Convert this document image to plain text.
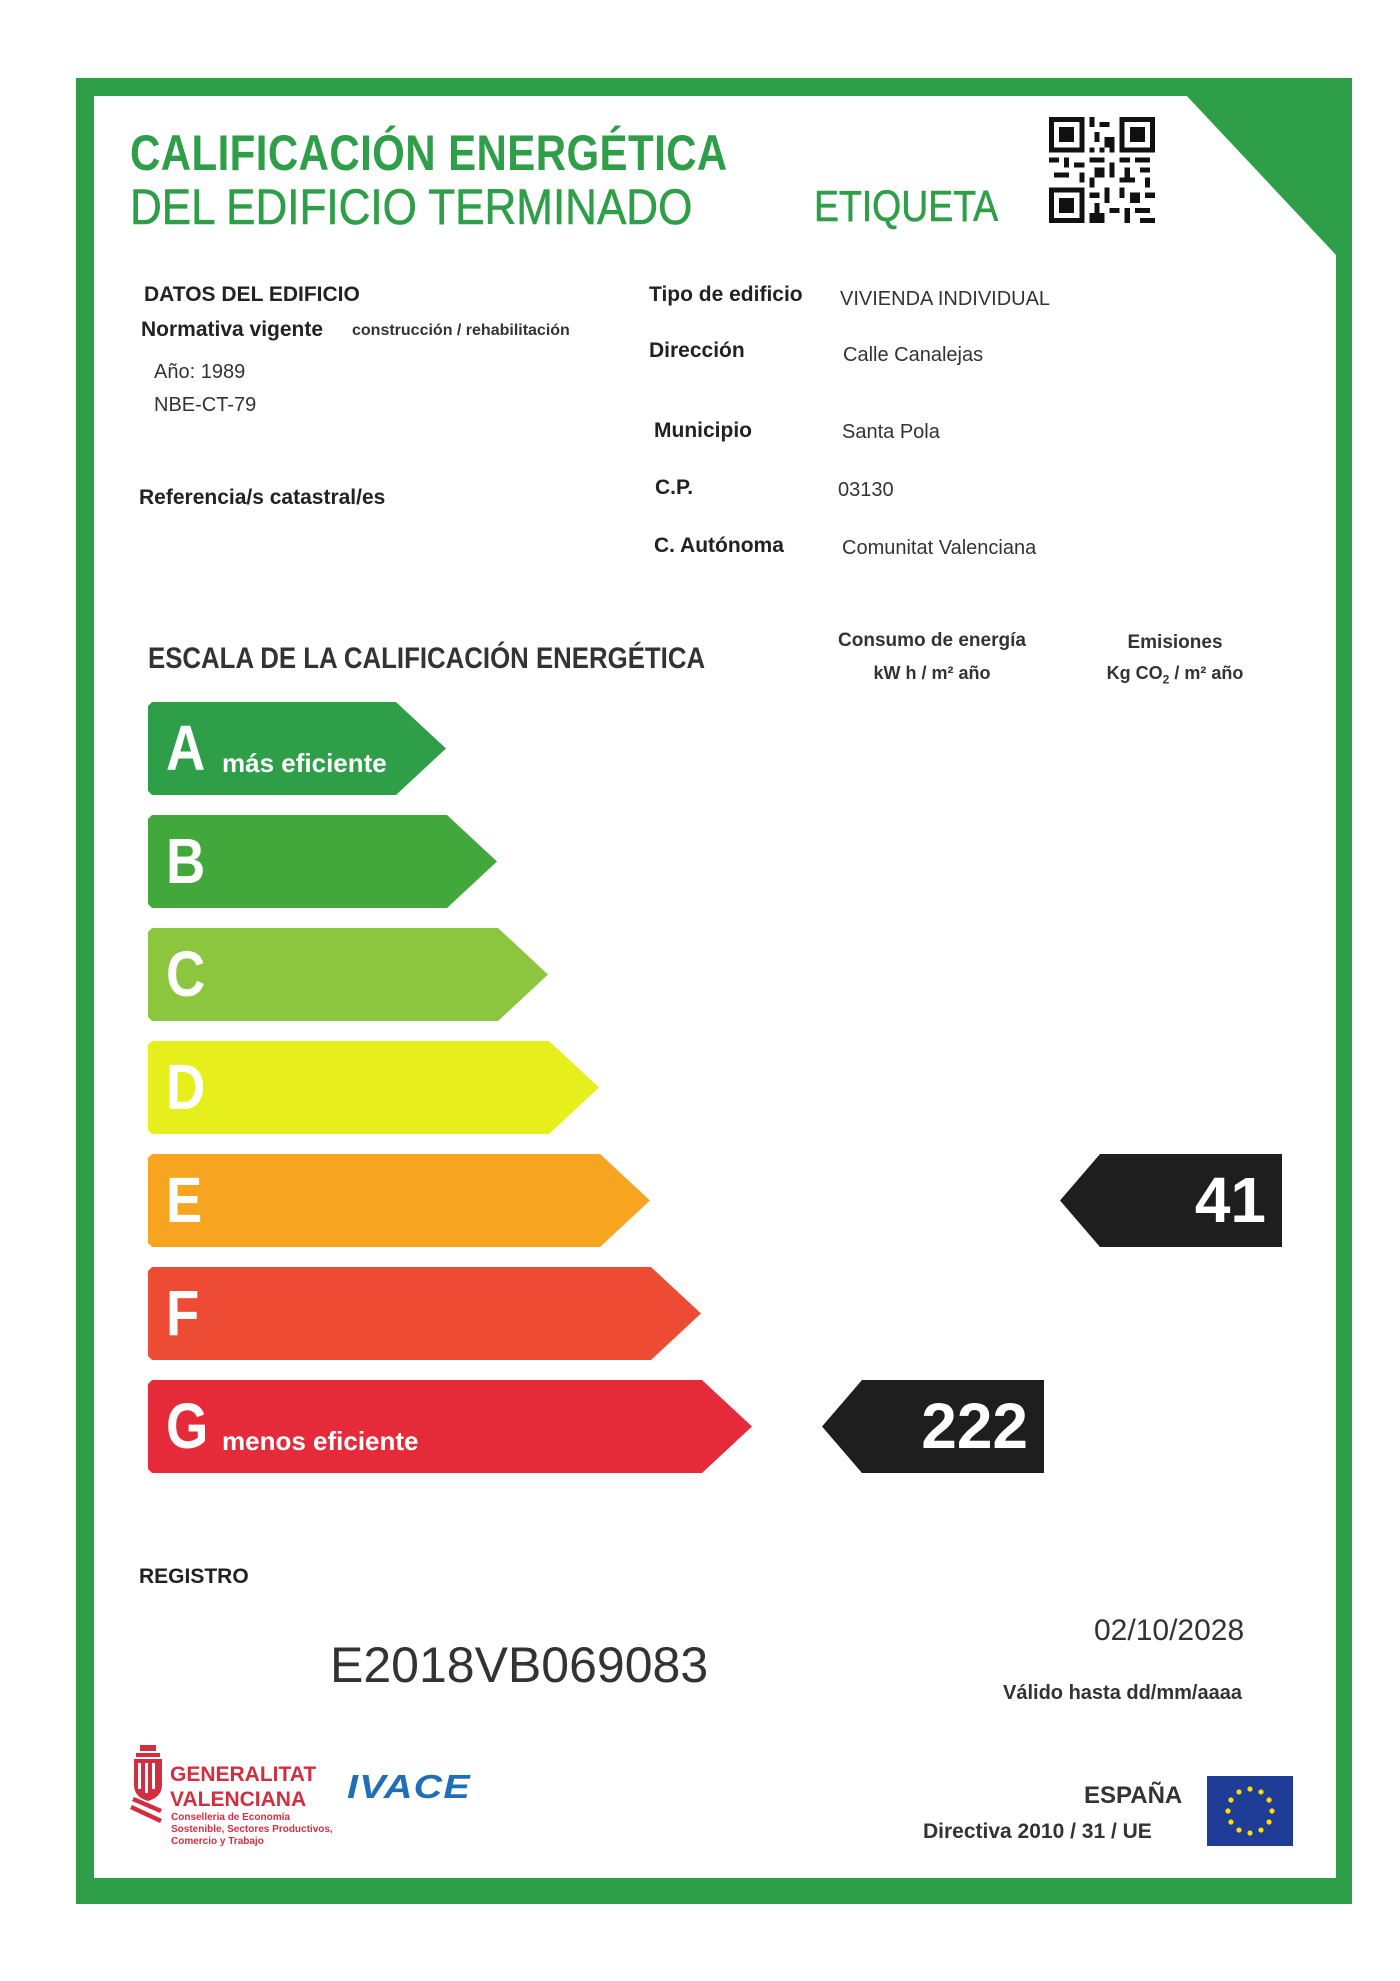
CALIFICACIÓN ENERGÉTICA
DEL EDIFICIO TERMINADO	ETIQUETA
DATOS DEL EDIFICIO
Normativa vigente construcción / rehabilitación
Año: 1989
NBE-CT-79
Referencia/s catastral/es
Tipo de edificio VIVIENDA INDIVIDUAL
Dirección	Calle Canalejas
Municipio	Santa Pola
C.P.	03130
C. Autónoma	Comunitat Valenciana
ESCALA DE LA CALIFICACIÓN ENERGÉTICA
Consumo de energía
kW h / m² año
Emisiones
Kg $CO_2 / m^2$ año
A más eficiente
B
C
D
E
F
G menos eficiente	222
41
REGISTRO
E2018VB069083
02/10/2028
Válido hasta dd/mm/aaaa
GENERALITAT
VALENCIANA
Conselleria de Economía
Sostenible, Sectores Productivos,
Comercio y Trabajo
IVACE	ESPAÑA
Directiva 2010 / 31 / UE
